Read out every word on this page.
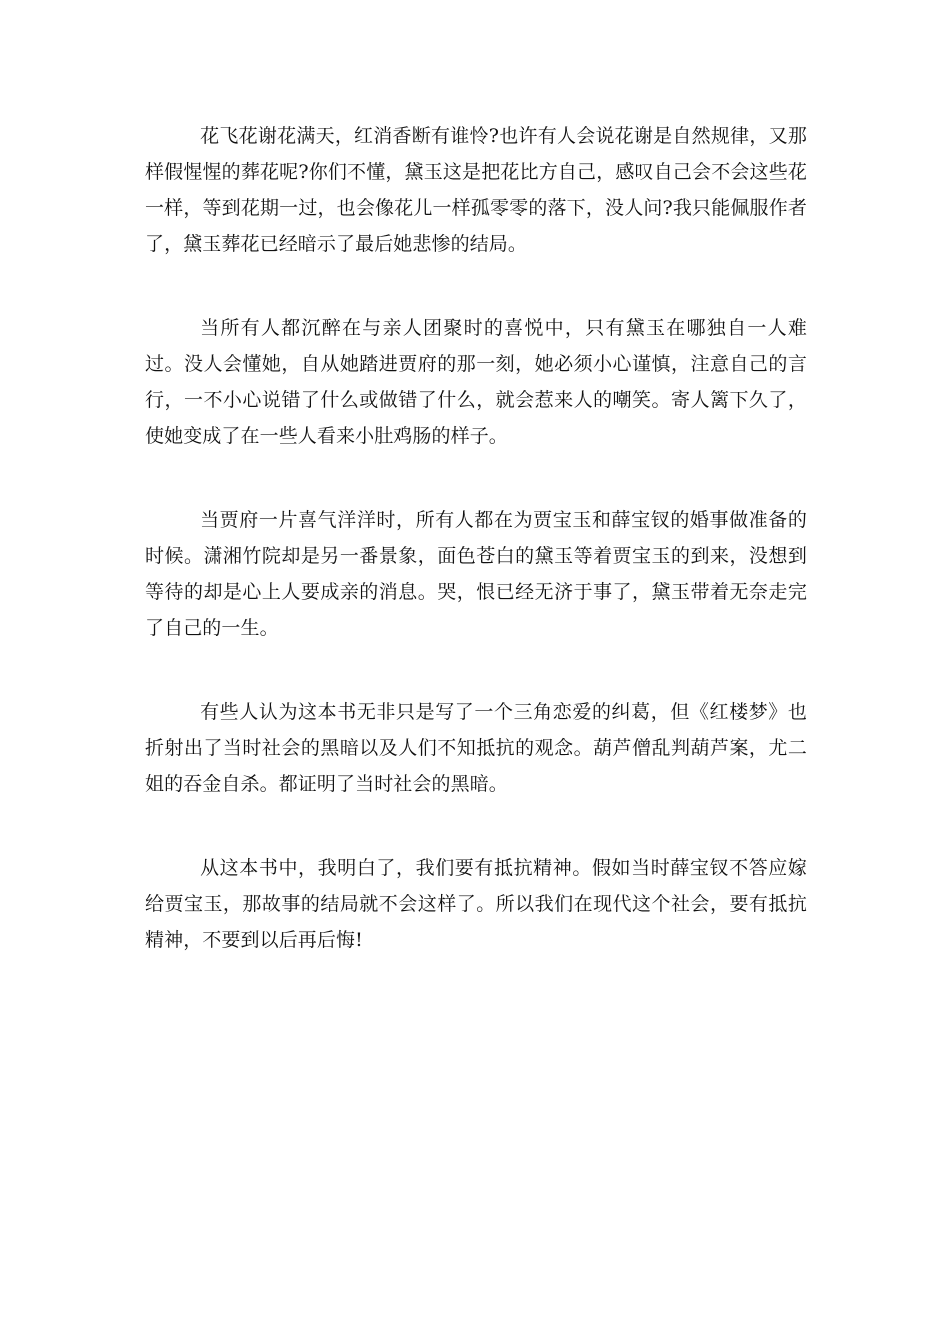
花飞花谢花满天，红消香断有谁怜?也许有人会说花谢是自然规律，又那样假惺惺的葬花呢?你们不懂，黛玉这是把花比方自己，感叹自己会不会这些花一样，等到花期一过，也会像花儿一样孤零零的落下，没人问?我只能佩服作者了，黛玉葬花已经暗示了最后她悲惨的结局。

当所有人都沉醉在与亲人团聚时的喜悦中，只有黛玉在哪独自一人难过。没人会懂她，自从她踏进贾府的那一刻，她必须小心谨慎，注意自己的言行，一不小心说错了什么或做错了什么，就会惹来人的嘲笑。寄人篱下久了，使她变成了在一些人看来小肚鸡肠的样子。

当贾府一片喜气洋洋时，所有人都在为贾宝玉和薛宝钗的婚事做准备的时候。潇湘竹院却是另一番景象，面色苍白的黛玉等着贾宝玉的到来，没想到等待的却是心上人要成亲的消息。哭，恨已经无济于事了，黛玉带着无奈走完了自己的一生。

有些人认为这本书无非只是写了一个三角恋爱的纠葛，但《红楼梦》也折射出了当时社会的黑暗以及人们不知抵抗的观念。葫芦僧乱判葫芦案，尤二姐的吞金自杀。都证明了当时社会的黑暗。

从这本书中，我明白了，我们要有抵抗精神。假如当时薛宝钗不答应嫁给贾宝玉，那故事的结局就不会这样了。所以我们在现代这个社会，要有抵抗精神，不要到以后再后悔!
